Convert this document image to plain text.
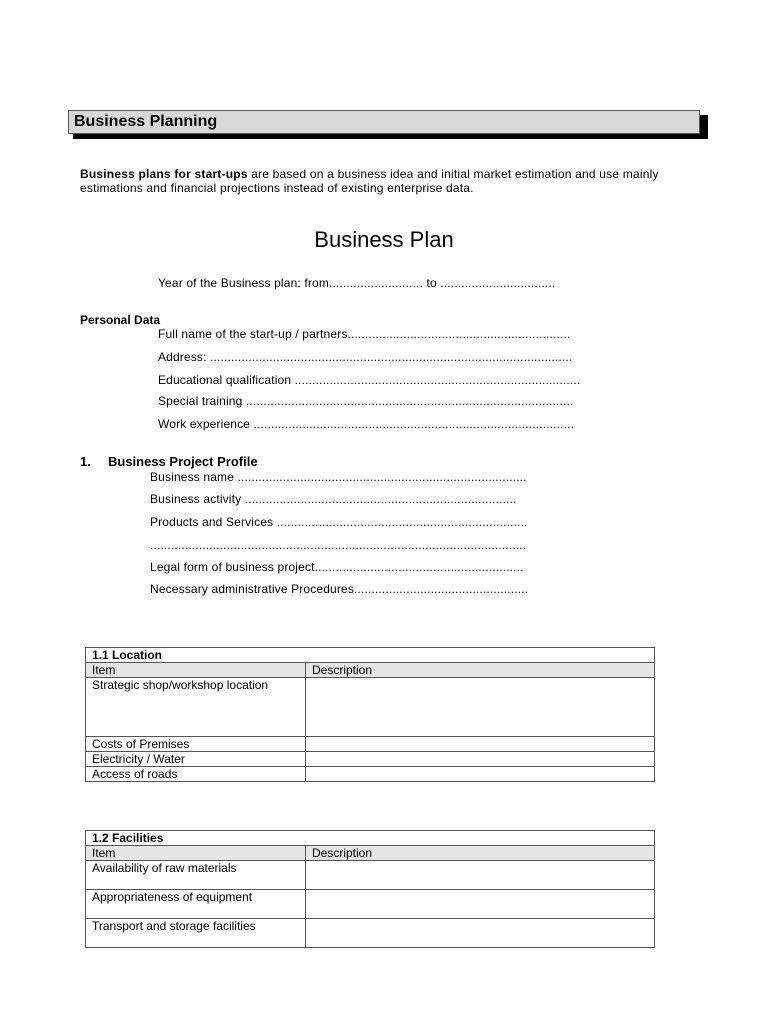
Business Planning
Business plans for start-ups are based on a business idea and initial market estimation and use mainly estimations and financial projections instead of existing enterprise data.
Business Plan
Year of the Business plan: from........................... to .................................
Personal Data
Full name of the start-up / partners................................................................
Address: ........................................................................................................
Educational qualification ..................................................................................
Special training ..............................................................................................
Work experience ............................................................................................
1. Business Project Profile
Business name ...................................................................................
Business activity ..............................................................................
Products and Services ........................................................................
............................................................................................................
Legal form of business project............................................................
Necessary administrative Procedures..................................................
1.1 Location	
Item	Description
Strategic shop/workshop location	
Costs of Premises	
Electricity / Water	
Access of roads	
1.2 Facilities	
Item	Description
Availability of raw materials	
Appropriateness of equipment	
Transport and storage facilities	
